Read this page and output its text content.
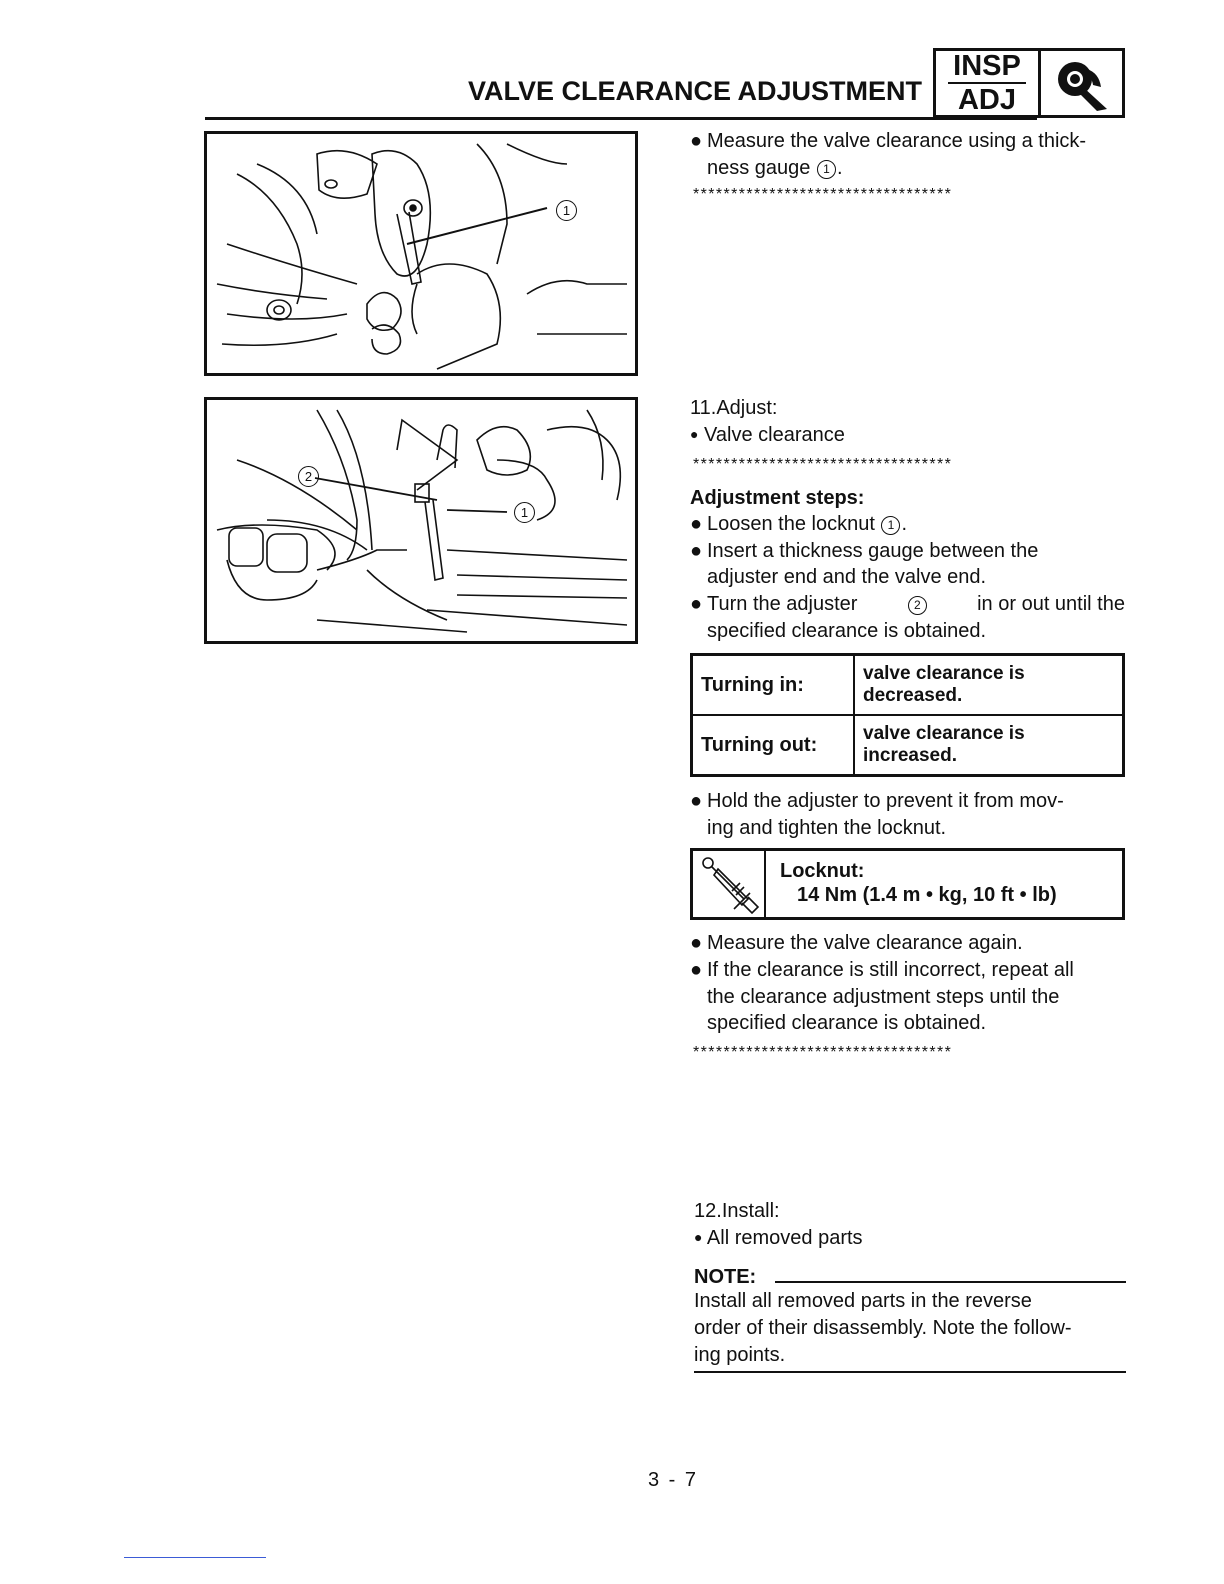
VALVE CLEARANCE ADJUSTMENT
INSP
ADJ
1
2
1
● Measure the valve clearance using a thick-
ness gauge 1 .
**********************************
11.Adjust:
● Valve clearance
**********************************
Adjustment steps:
● Loosen the locknut 1 .
● Insert a thickness gauge between the
adjuster end and the valve end.
● Turn the adjuster	2	in or out until the
specified clearance is obtained.
Turning in:	valve clearance is
decreased.
Turning out:	valve clearance is
increased.
● Hold the adjuster to prevent it from mov-
ing and tighten the locknut.
Locknut:
14 Nm (1.4 m • kg, 10 ft • lb)
● Measure the valve clearance again.
● If the clearance is still incorrect, repeat all
the clearance adjustment steps until the
specified clearance is obtained.
**********************************
12.Install:
● All removed parts
NOTE:
Install all removed parts in the reverse
order of their disassembly. Note the follow-
ing points.
3 - 7
